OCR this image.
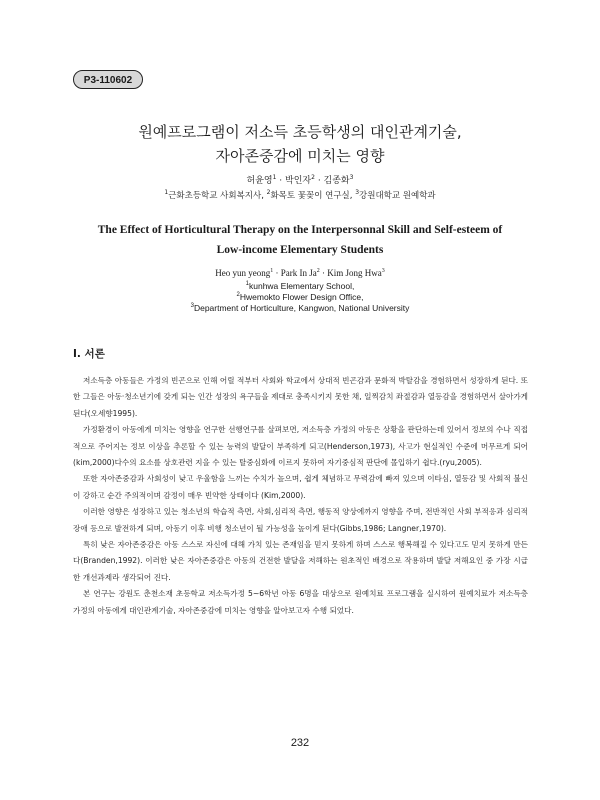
P3-110602
원예프로그램이 저소득 초등학생의 대인관계기술,
자아존중감에 미치는 영향
허윤영$^1$ · 박인자$^2$ · 김종화$^3$
$^1$근화초등학교 사회복지사, $^2$화목토 꽃꽂이 연구실, $^3$강원대학교 원예학과
The Effect of Horticultural Therapy on the Interpersonnal Skill and Self-esteem of
Low-income Elementary Students
Heo yun yeong$^1$ · Park In $Ja^2$ · Kim Jong Hwa$^3$
$^1$kunhwa Elementary School,
$^2$Hwemokto Flower Design Office,
$^3$Department of Horticulture, Kangwon, National University
I. 서론

저소득층 아동들은 가정의 빈곤으로 인해 어릴 적부터 사회와 학교에서 상대적 빈곤감과 문화적 박탈감을 경험하면서 성장하게 된다. 또한 그들은 아동·청소년기에 갖게 되는 인간 성장의 욕구들을 제대로 충족시키지 못한 채, 일찍감치 좌절감과 열등감을 경험하면서 살아가게 된다(오세향1995).

가정환경이 아동에게 미치는 영향을 연구한 선행연구를 살펴보면, 저소득층 가정의 아동은 상황을 판단하는데 있어서 정보의 수나 직접적으로 주어지는 정보 이상을 추론할 수 있는 능력의 발달이 부족하게 되고(Henderson,1973), 사고가 현실적인 수준에 머무르게 되어 (kim,2000)다수의 요소를 상호관련 지을 수 있는 탈중심화에 이르지 못하여 자기중심적 판단에 몰입하기 쉽다.(ryu,2005).

또한 자아존중감과 사회성이 낮고 우울함을 느끼는 수치가 높으며, 쉽게 체념하고 무력감에 빠져 있으며 이타심, 열등감 및 사회적 불신이 강하고 순간 주의적이며 감정이 매우 빈약한 상태이다 (Kim,2000).

이러한 영향은 성장하고 있는 청소년의 학습적 측면, 사회,심리적 측면, 행동적 양상에까지 영향을 주며, 전반적인 사회 부적응과 심리적 장애 등으로 발전하게 되며, 아동기 이후 비행 청소년이 될 가능성을 높이게 된다(Gibbs,1986; Langner,1970).

특히 낮은 자아존중감은 아동 스스로 자신에 대해 가치 있는 존재임을 믿지 못하게 하며 스스로 행복해질 수 있다고도 믿지 못하게 만든다(Branden,1992). 이러한 낮은 자아존중감은 아동의 건전한 발달을 저해하는 원초적인 배경으로 작용하며 발달 저해요인 중 가장 시급한 개선과제라 생각되어 진다.

본 연구는 강원도 춘천소재 초등학교 저소득가정 5~6학년 아동 6명을 대상으로 원예치료 프로그램을 실시하여 원예치료가 저소득층 가정의 아동에게 대인관계기술, 자아존중감에 미치는 영향을 알아보고자 수행 되었다.

232
